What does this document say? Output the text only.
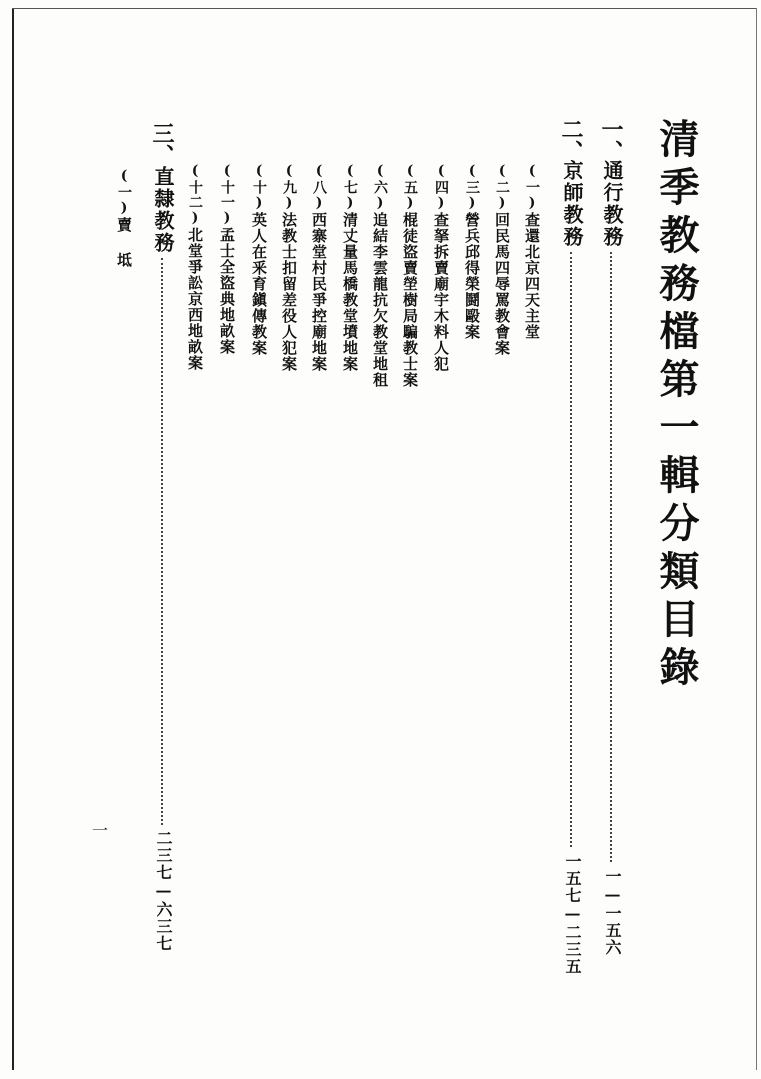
清季教務檔第一輯分類目錄
一、
通行教務
一—一五六
二、
京師教務
一五七—二三五
(一)查還北京四天主堂
(二)回民馬四辱罵教會案
(三)營兵邱得榮鬪毆案
(四)查拏拆賣廟宇木料人犯
(五)棍徒盜賣塋樹局騙教士案
(六)追結李雲龍抗欠教堂地租
(七)清丈量馬橋教堂墳地案
(八)西寨堂村民爭控廟地案
(九)法教士扣留差役人犯案
(十)英人在釆育鎭傳教案
(十一)孟士全盜典地畝案
(十二)北堂爭訟京西地畝案
三、
直隸教務
二三七—六三七
(一)賣 坻
一
